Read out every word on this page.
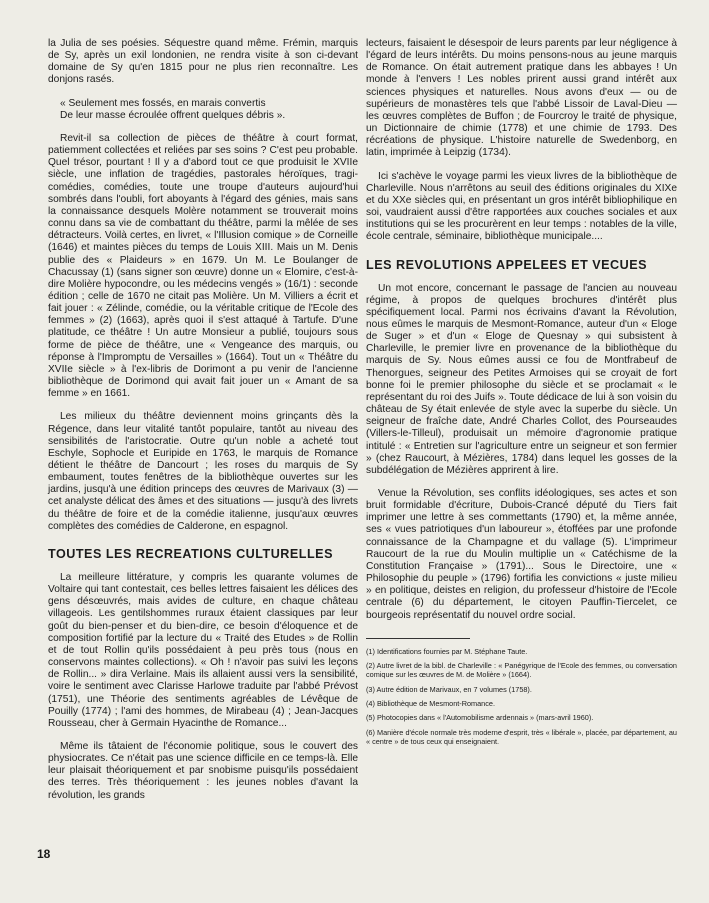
la Julia de ses poésies. Séquestre quand même. Frémin, marquis de Sy, après un exil londonien, ne rendra visite à son ci-devant domaine de Sy qu'en 1815 pour ne plus rien reconnaître. Les donjons rasés.

« Seulement mes fossés, en marais convertis
De leur masse écroulée offrent quelques débris ».

Revit-il sa collection de pièces de théâtre à court format, patiemment collectées et reliées par ses soins ? C'est peu probable. Quel trésor, pourtant ! Il y a d'abord tout ce que produisit le XVIIe siècle, une inflation de tragédies, pastorales héroïques, tragi-comédies, comédies, toute une troupe d'auteurs aujourd'hui sombrés dans l'oubli, fort aboyants à l'égard des génies, mais sans la connaissance desquels Molère notamment se trouverait moins connu dans sa vie de combattant du théâtre, parmi la mêlée de ses détracteurs. Voilà certes, en livret, « l'Illusion comique » de Corneille (1646) et maintes pièces du temps de Louis XIII. Mais un M. Denis publie des « Plaideurs » en 1679. Un M. Le Boulanger de Chacussay (1) (sans signer son œuvre) donne un « Elomire, c'est-à-dire Molière hypocondre, ou les médecins vengés » (16/1) : seconde édition ; celle de 1670 ne citait pas Molière. Un M. Villiers a écrit et fait jouer : « Zélinde, comédie, ou la véritable critique de l'Ecole des femmes » (2) (1663), après quoi il s'est attaqué à Tartufe. D'une platitude, ce théâtre ! Un autre Monsieur a publié, toujours sous forme de pièce de théâtre, une « Vengeance des marquis, ou réponse à l'Impromptu de Versailles » (1664). Tout un « Théâtre du XVIIe siècle » à l'ex-libris de Dorimont a pu venir de l'ancienne bibliothèque de Dorimond qui avait fait jouer un « Amant de sa femme » en 1661.

Les milieux du théâtre deviennent moins grinçants dès la Régence, dans leur vitalité tantôt populaire, tantôt au niveau des sensibilités de l'aristocratie. Outre qu'un noble a acheté tout Eschyle, Sophocle et Euripide en 1763, le marquis de Romance détient le théâtre de Dancourt ; les roses du marquis de Sy embaument, toutes fenêtres de la bibliothèque ouvertes sur les jardins, jusqu'à une édition princeps des œuvres de Marivaux (3) — cet analyste délicat des âmes et des situations — jusqu'à des livrets du théâtre de foire et de la comédie italienne, jusqu'aux œuvres complètes des comédies de Calderone, en espagnol.

TOUTES LES RECREATIONS CULTURELLES

La meilleure littérature, y compris les quarante volumes de Voltaire qui tant contestait, ces belles lettres faisaient les délices des gens désœuvrés, mais avides de culture, en chaque château villageois. Les gentilshommes ruraux étaient classiques par leur goût du bien-penser et du bien-dire, ce besoin d'éloquence et de composition fortifié par la lecture du « Traité des Etudes » de Rollin et de tout Rollin qu'ils possédaient à peu près tous (nous en conservons maintes collections). « Oh ! n'avoir pas suivi les leçons de Rollin... » dira Verlaine. Mais ils allaient aussi vers la sensibilité, voire le sentiment avec Clarisse Harlowe traduite par l'abbé Prévost (1751), une Théorie des sentiments agréables de Lévêque de Pouilly (1774) ; l'ami des hommes, de Mirabeau (4) ; Jean-Jacques Rousseau, cher à Germain Hyacinthe de Romance...

Même ils tâtaient de l'économie politique, sous le couvert des physiocrates. Ce n'était pas une science difficile en ce temps-là. Elle leur plaisait théoriquement et par snobisme puisqu'ils possédaient des terres. Très théoriquement : les jeunes nobles d'avant la révolution, les grands

lecteurs, faisaient le désespoir de leurs parents par leur négligence à l'égard de leurs intérêts. Du moins pensons-nous au jeune marquis de Romance. On était autrement pratique dans les abbayes ! Un monde à l'envers ! Les nobles prirent aussi grand intérêt aux sciences physiques et naturelles. Nous avons d'eux — ou de supérieurs de monastères tels que l'abbé Lissoir de Laval-Dieu — les œuvres complètes de Buffon ; de Fourcroy le traité de physique, un Dictionnaire de chimie (1778) et une chimie de 1793. Des récréations de physique. L'histoire naturelle de Swedenborg, en latin, imprimée à Leipzig (1734).

Ici s'achève le voyage parmi les vieux livres de la bibliothèque de Charleville. Nous n'arrêtons au seuil des éditions originales du XIXe et du XXe siècles qui, en présentant un gros intérêt bibliophilique en soi, vaudraient aussi d'être rapportées aux couches sociales et aux institutions qui se les procurèrent en leur temps : notables de la ville, école centrale, séminaire, bibliothèque municipale....

LES REVOLUTIONS APPELEES ET VECUES

Un mot encore, concernant le passage de l'ancien au nouveau régime, à propos de quelques brochures d'intérêt plus spécifiquement local. Parmi nos écrivains d'avant la Révolution, nous eûmes le marquis de Mesmont-Romance, auteur d'un « Eloge de Suger » et d'un « Eloge de Quesnay » qui subsistent à Charleville, le premier livre en provenance de la bibliothèque du marquis de Sy. Nous eûmes aussi ce fou de Montfrabeuf de Thenorgues, seigneur des Petites Armoises qui se croyait de fort bonne foi le premier philosophe du siècle et se proclamait « le représentant du roi des Juifs ». Toute dédicace de lui à son voisin du château de Sy était enlevée de style avec la superbe du siècle. Un seigneur de fraîche date, André Charles Collot, des Pourseaudes (Villers-le-Tilleul), produisait un mémoire d'agronomie pratique intitulé : « Entretien sur l'agriculture entre un seigneur et son fermier » (chez Raucourt, à Mézières, 1784) dans lequel les gosses de la subdélégation de Mézières apprirent à lire.

Venue la Révolution, ses conflits idéologiques, ses actes et son bruit formidable d'écriture, Dubois-Crancé député du Tiers fait imprimer une lettre à ses commettants (1790) et, la même année, ses « vues patriotiques d'un laboureur », étoffées par une profonde connaissance de la Champagne et du vallage (5). L'imprimeur Raucourt de la rue du Moulin multiplie un « Catéchisme de la Constitution Française » (1791)... Sous le Directoire, une « Philosophie du peuple » (1796) fortifia les convictions « juste milieu » en politique, deistes en religion, du professeur d'histoire de l'Ecole centrale (6) du département, le citoyen Pauffin-Tiercelet, ce bourgeois représentatif du nouvel ordre social.

(1) Identifications fournies par M. Stéphane Taute.
(2) Autre livret de la bibl. de Charleville : « Panégyrique de l'Ecole des femmes, ou conversation comique sur les œuvres de M. de Molière » (1664).
(3) Autre édition de Marivaux, en 7 volumes (1758).
(4) Bibliothèque de Mesmont-Romance.
(5) Photocopies dans « l'Automobilisme ardennais » (mars-avril 1960).
(6) Manière d'école normale très moderne d'esprit, très « libérale », placée, par département, au « centre » de tous ceux qui enseignaient.
18
